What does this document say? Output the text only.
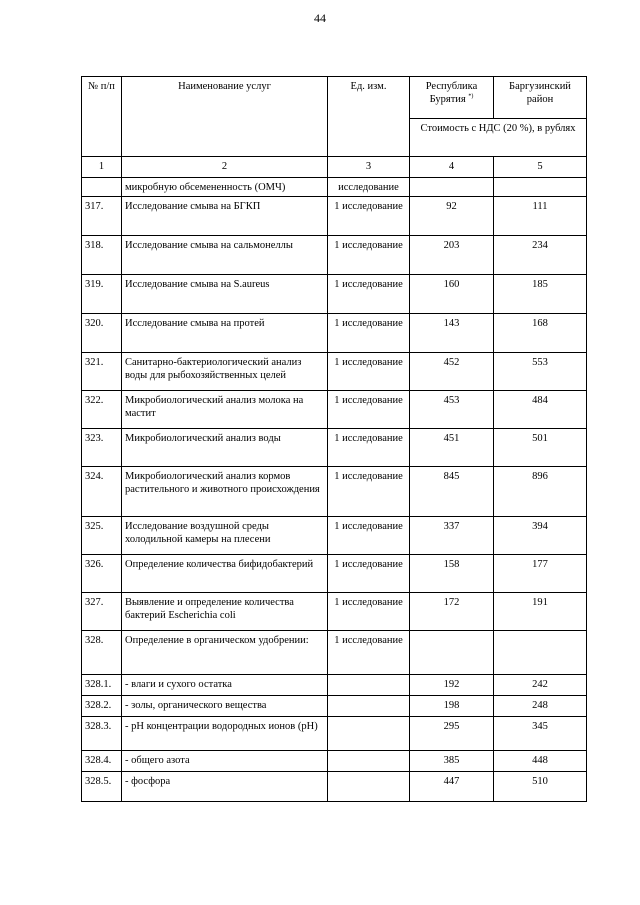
44
№ п/п	Наименование услуг	Ед. изм.	Республика Бурятия *)	Баргузинский район
			Стоимость с НДС (20 %), в рублях	
1	2	3	4	5
	микробную обсемененность (ОМЧ)	исследование		
317.	Исследование смыва на БГКП	1 исследование	92	111
318.	Исследование смыва на сальмонеллы	1 исследование	203	234
319.	Исследование смыва на S.aureus	1 исследование	160	185
320.	Исследование смыва на протей	1 исследование	143	168
321.	Санитарно-бактериологический анализ воды для рыбохозяйственных целей	1 исследование	452	553
322.	Микробиологический анализ молока на мастит	1 исследование	453	484
323.	Микробиологический анализ воды	1 исследование	451	501
324.	Микробиологический анализ кормов растительного и животного происхождения	1 исследование	845	896
325.	Исследование воздушной среды холодильной камеры на плесени	1 исследование	337	394
326.	Определение количества бифидобактерий	1 исследование	158	177
327.	Выявление и определение количества бактерий Escherichia coli	1 исследование	172	191
328.	Определение в органическом удобрении:	1 исследование		
328.1.	- влаги и сухого остатка		192	242
328.2.	- золы, органического вещества		198	248
328.3.	- pH концентрации водородных ионов (pH)		295	345
328.4.	- общего азота		385	448
328.5.	- фосфора		447	510
